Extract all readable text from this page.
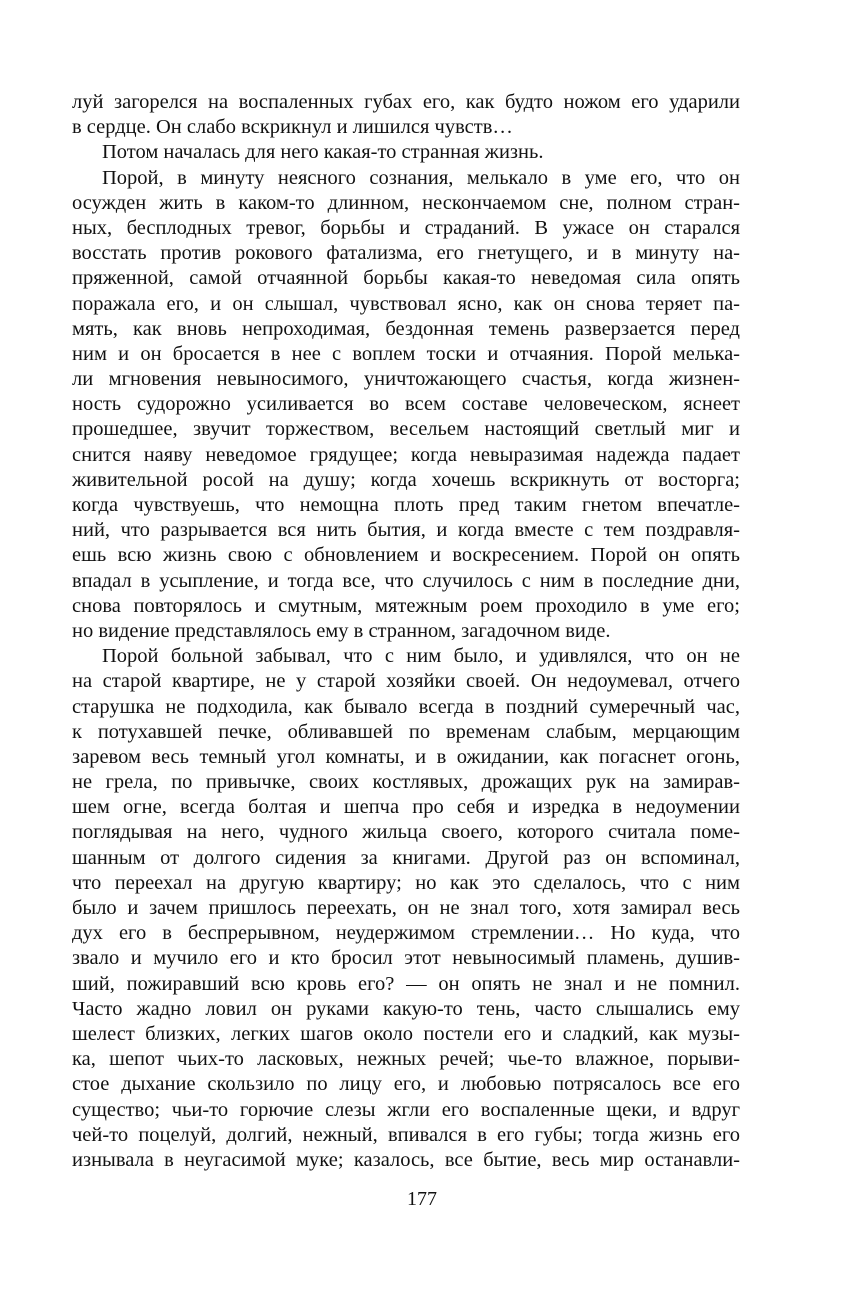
луй загорелся на воспаленных губах его, как будто ножом его ударили
в сердце. Он слабо вскрикнул и лишился чувств…
Потом началась для него какая-то странная жизнь.
Порой, в минуту неясного сознания, мелькало в уме его, что он
осужден жить в каком-то длинном, нескончаемом сне, полном стран-
ных, бесплодных тревог, борьбы и страданий. В ужасе он старался
восстать против рокового фатализма, его гнетущего, и в минуту на-
пряженной, самой отчаянной борьбы какая-то неведомая сила опять
поражала его, и он слышал, чувствовал ясно, как он снова теряет па-
мять, как вновь непроходимая, бездонная темень разверзается перед
ним и он бросается в нее с воплем тоски и отчаяния. Порой мелька-
ли мгновения невыносимого, уничтожающего счастья, когда жизнен-
ность судорожно усиливается во всем составе человеческом, яснеет
прошедшее, звучит торжеством, весельем настоящий светлый миг и
снится наяву неведомое грядущее; когда невыразимая надежда падает
живительной росой на душу; когда хочешь вскрикнуть от восторга;
когда чувствуешь, что немощна плоть пред таким гнетом впечатле-
ний, что разрывается вся нить бытия, и когда вместе с тем поздравля-
ешь всю жизнь свою с обновлением и воскресением. Порой он опять
впадал в усыпление, и тогда все, что случилось с ним в последние дни,
снова повторялось и смутным, мятежным роем проходило в уме его;
но видение представлялось ему в странном, загадочном виде.
Порой больной забывал, что с ним было, и удивлялся, что он не
на старой квартире, не у старой хозяйки своей. Он недоумевал, отчего
старушка не подходила, как бывало всегда в поздний сумеречный час,
к потухавшей печке, обливавшей по временам слабым, мерцающим
заревом весь темный угол комнаты, и в ожидании, как погаснет огонь,
не грела, по привычке, своих костлявых, дрожащих рук на замирав-
шем огне, всегда болтая и шепча про себя и изредка в недоумении
поглядывая на него, чудного жильца своего, которого считала поме-
шанным от долгого сидения за книгами. Другой раз он вспоминал,
что переехал на другую квартиру; но как это сделалось, что с ним
было и зачем пришлось переехать, он не знал того, хотя замирал весь
дух его в беспрерывном, неудержимом стремлении… Но куда, что
звало и мучило его и кто бросил этот невыносимый пламень, душив-
ший, пожиравший всю кровь его? — он опять не знал и не помнил.
Часто жадно ловил он руками какую-то тень, часто слышались ему
шелест близких, легких шагов около постели его и сладкий, как музы-
ка, шепот чьих-то ласковых, нежных речей; чье-то влажное, порыви-
стое дыхание скользило по лицу его, и любовью потрясалось все его
существо; чьи-то горючие слезы жгли его воспаленные щеки, и вдруг
чей-то поцелуй, долгий, нежный, впивался в его губы; тогда жизнь его
изнывала в неугасимой муке; казалось, все бытие, весь мир останавли-
177
